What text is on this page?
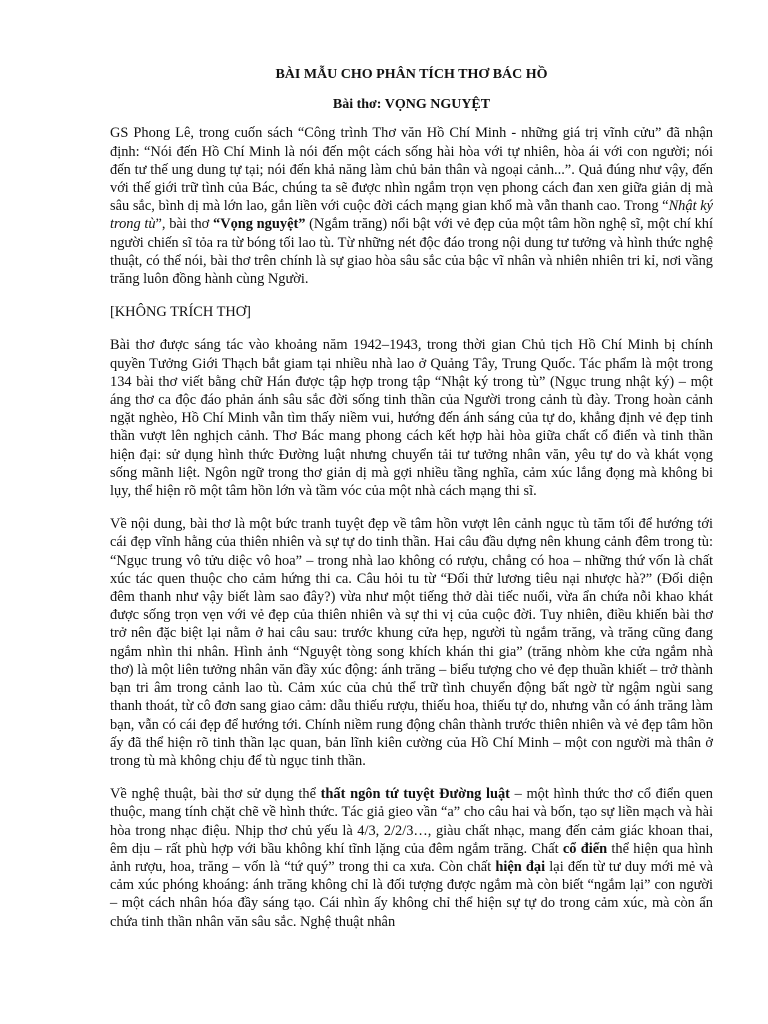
BÀI MẪU CHO PHÂN TÍCH THƠ BÁC HỒ
Bài thơ: VỌNG NGUYỆT

GS Phong Lê, trong cuốn sách “Công trình Thơ văn Hồ Chí Minh - những giá trị vĩnh cửu” đã nhận định: “Nói đến Hồ Chí Minh là nói đến một cách sống hài hòa với tự nhiên, hòa ái với con người; nói đến tư thế ung dung tự tại; nói đến khả năng làm chủ bản thân và ngoại cảnh...”. Quả đúng như vậy, đến với thế giới trữ tình của Bác, chúng ta sẽ được nhìn ngắm trọn vẹn phong cách đan xen giữa giản dị mà sâu sắc, bình dị mà lớn lao, gắn liền với cuộc đời cách mạng gian khổ mà vẫn thanh cao. Trong “Nhật ký trong tù”, bài thơ “Vọng nguyệt” (Ngắm trăng) nổi bật với vẻ đẹp của một tâm hồn nghệ sĩ, một chí khí người chiến sĩ tỏa ra từ bóng tối lao tù. Từ những nét độc đáo trong nội dung tư tưởng và hình thức nghệ thuật, có thể nói, bài thơ trên chính là sự giao hòa sâu sắc của bậc vĩ nhân và nhiên nhiên tri kỉ, nơi vầng trăng luôn đồng hành cùng Người.

[KHÔNG TRÍCH THƠ]

Bài thơ được sáng tác vào khoảng năm 1942–1943, trong thời gian Chủ tịch Hồ Chí Minh bị chính quyền Tưởng Giới Thạch bắt giam tại nhiều nhà lao ở Quảng Tây, Trung Quốc. Tác phẩm là một trong 134 bài thơ viết bằng chữ Hán được tập hợp trong tập “Nhật ký trong tù” (Ngục trung nhật ký) – một áng thơ ca độc đáo phản ánh sâu sắc đời sống tinh thần của Người trong cảnh tù đày. Trong hoàn cảnh ngặt nghèo, Hồ Chí Minh vẫn tìm thấy niềm vui, hướng đến ánh sáng của tự do, khẳng định vẻ đẹp tinh thần vượt lên nghịch cảnh. Thơ Bác mang phong cách kết hợp hài hòa giữa chất cổ điển và tinh thần hiện đại: sử dụng hình thức Đường luật nhưng chuyển tải tư tưởng nhân văn, yêu tự do và khát vọng sống mãnh liệt. Ngôn ngữ trong thơ giản dị mà gợi nhiều tầng nghĩa, cảm xúc lắng đọng mà không bi lụy, thể hiện rõ một tâm hồn lớn và tầm vóc của một nhà cách mạng thi sĩ.

Về nội dung, bài thơ là một bức tranh tuyệt đẹp về tâm hồn vượt lên cảnh ngục tù tăm tối để hướng tới cái đẹp vĩnh hằng của thiên nhiên và sự tự do tinh thần. Hai câu đầu dựng nên khung cảnh đêm trong tù: “Ngục trung vô tửu diệc vô hoa” – trong nhà lao không có rượu, chẳng có hoa – những thứ vốn là chất xúc tác quen thuộc cho cảm hứng thi ca. Câu hỏi tu từ “Đối thử lương tiêu nại nhược hà?” (Đối diện đêm thanh như vậy biết làm sao đây?) vừa như một tiếng thở dài tiếc nuối, vừa ẩn chứa nỗi khao khát được sống trọn vẹn với vẻ đẹp của thiên nhiên và sự thi vị của cuộc đời. Tuy nhiên, điều khiến bài thơ trở nên đặc biệt lại nằm ở hai câu sau: trước khung cửa hẹp, người tù ngắm trăng, và trăng cũng đang ngắm nhìn thi nhân. Hình ảnh “Nguyệt tòng song khích khán thi gia” (trăng nhòm khe cửa ngắm nhà thơ) là một liên tưởng nhân văn đầy xúc động: ánh trăng – biểu tượng cho vẻ đẹp thuần khiết – trở thành bạn tri âm trong cảnh lao tù. Cảm xúc của chủ thể trữ tình chuyển động bất ngờ từ ngậm ngùi sang thanh thoát, từ cô đơn sang giao cảm: dẫu thiếu rượu, thiếu hoa, thiếu tự do, nhưng vẫn có ánh trăng làm bạn, vẫn có cái đẹp để hướng tới. Chính niềm rung động chân thành trước thiên nhiên và vẻ đẹp tâm hồn ấy đã thể hiện rõ tinh thần lạc quan, bản lĩnh kiên cường của Hồ Chí Minh – một con người mà thân ở trong tù mà không chịu để tù ngục tinh thần.

Về nghệ thuật, bài thơ sử dụng thể thất ngôn tứ tuyệt Đường luật – một hình thức thơ cổ điển quen thuộc, mang tính chặt chẽ về hình thức. Tác giả gieo vần “a” cho câu hai và bốn, tạo sự liền mạch và hài hòa trong nhạc điệu. Nhịp thơ chủ yếu là 4/3, 2/2/3…, giàu chất nhạc, mang đến cảm giác khoan thai, êm dịu – rất phù hợp với bầu không khí tĩnh lặng của đêm ngắm trăng. Chất cổ điển thể hiện qua hình ảnh rượu, hoa, trăng – vốn là “tứ quý” trong thi ca xưa. Còn chất hiện đại lại đến từ tư duy mới mẻ và cảm xúc phóng khoáng: ánh trăng không chỉ là đối tượng được ngắm mà còn biết “ngắm lại” con người – một cách nhân hóa đầy sáng tạo. Cái nhìn ấy không chỉ thể hiện sự tự do trong cảm xúc, mà còn ẩn chứa tinh thần nhân văn sâu sắc. Nghệ thuật nhân
